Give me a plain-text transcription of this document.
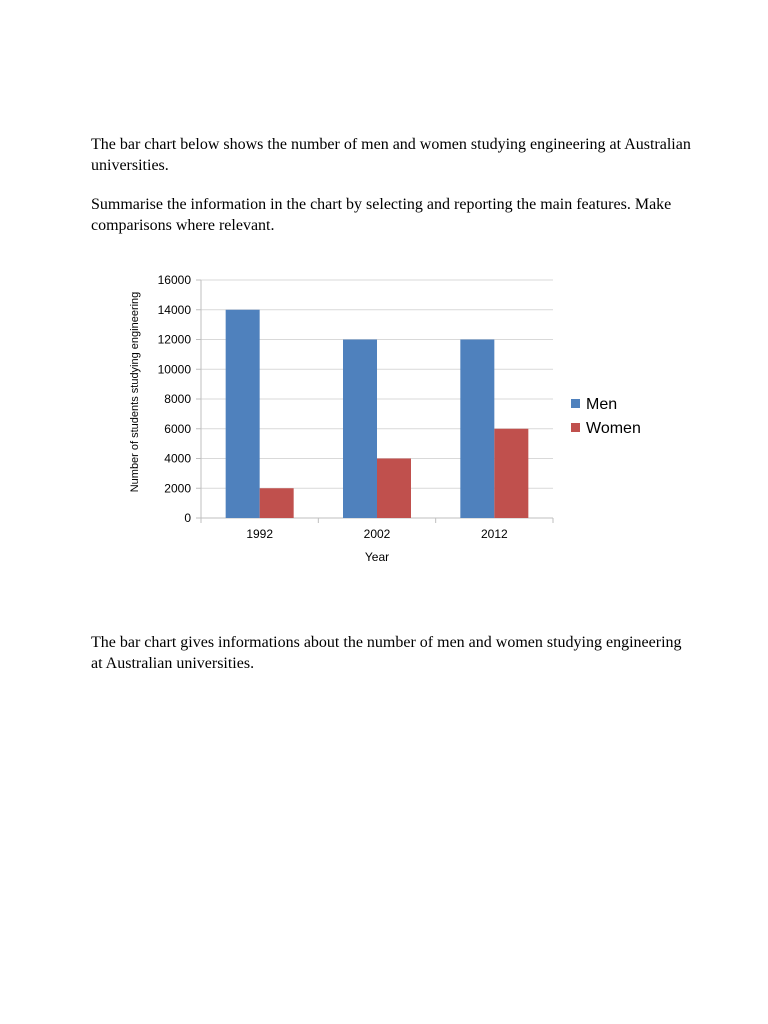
The bar chart below shows the number of men and women studying engineering at Australian universities.

Summarise the information in the chart by selecting and reporting the main features. Make comparisons where relevant.

0
2000
4000
6000
8000
10000
12000
14000
16000
1992	2002	2012
Year
Number of students studying engineering	Men
Women

The bar chart gives informations about the number of men and women studying engineering at Australian universities.
